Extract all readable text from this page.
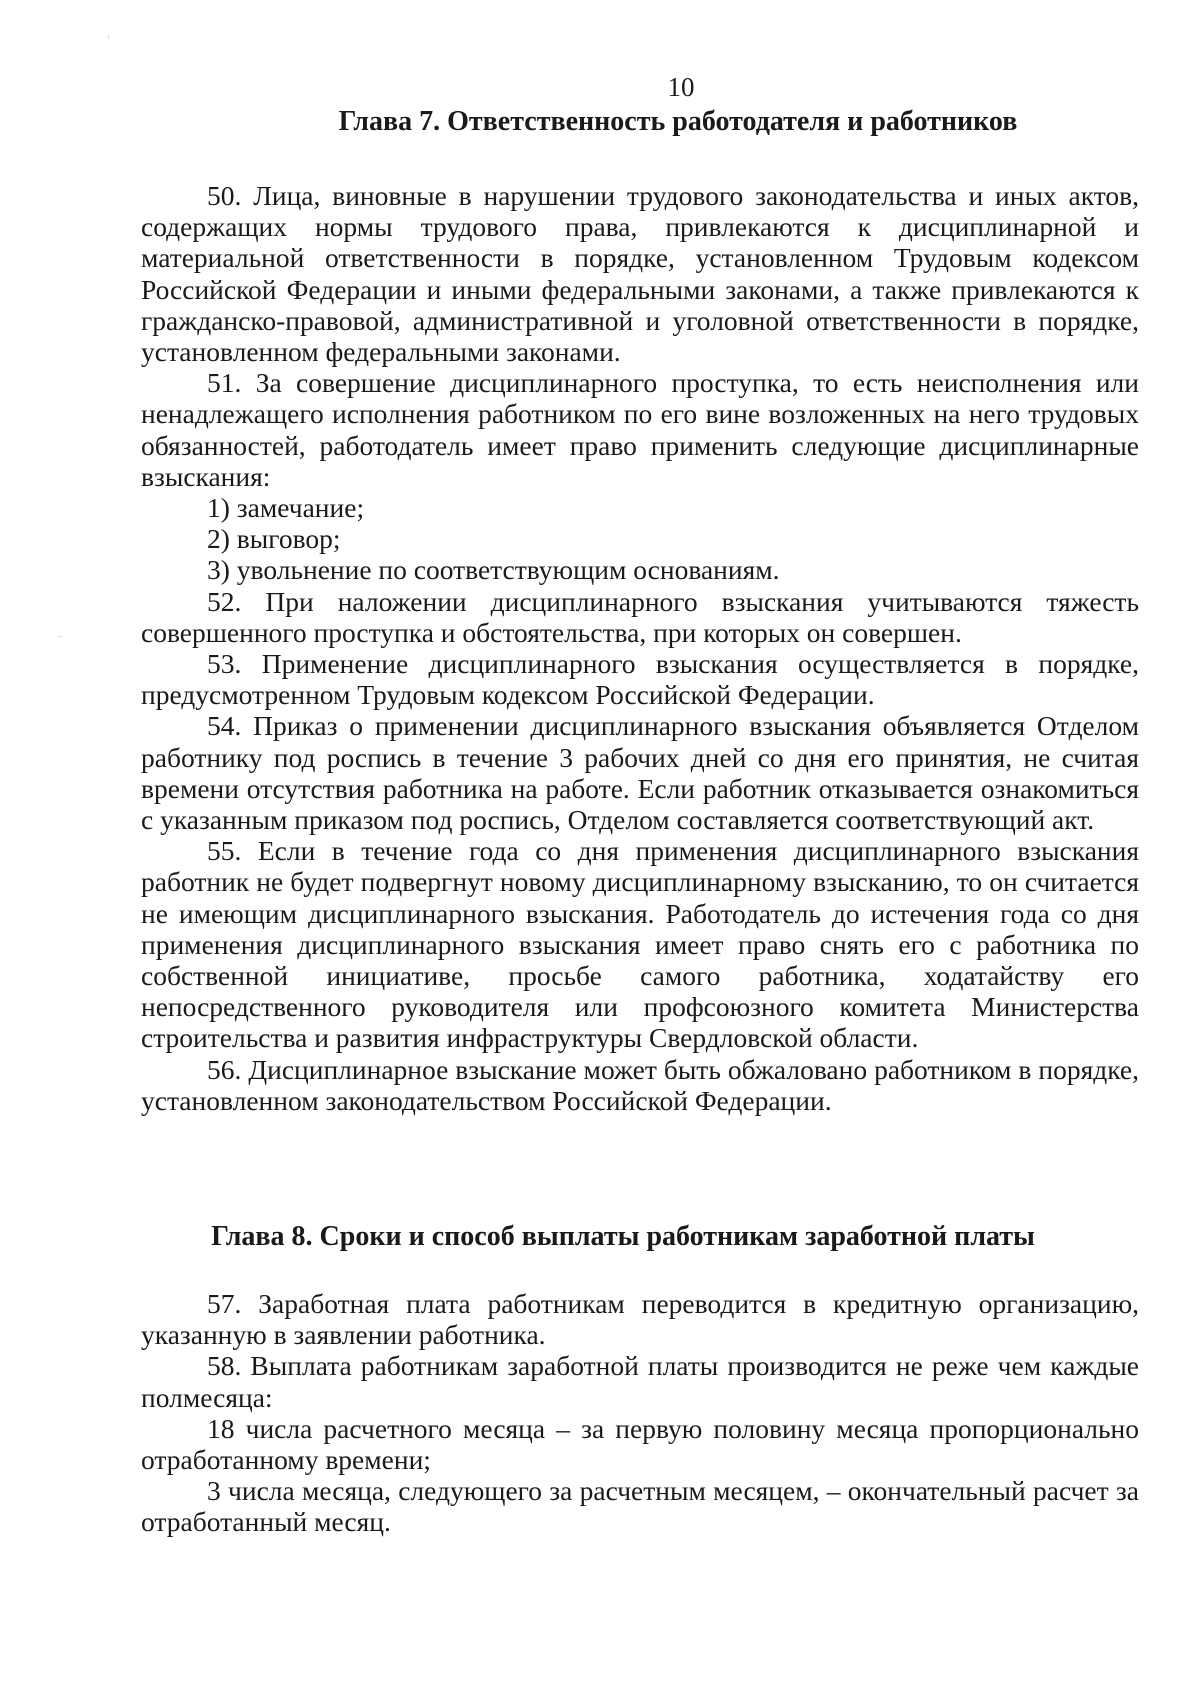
10
Глава 7. Ответственность работодателя и работников

50. Лица, виновные в нарушении трудового законодательства и иных актов, содержащих нормы трудового права, привлекаются к дисциплинарной и материальной ответственности в порядке, установленном Трудовым кодексом Российской Федерации и иными федеральными законами, а также привлекаются к гражданско-правовой, административной и уголовной ответственности в порядке, установленном федеральными законами.

51. За совершение дисциплинарного проступка, то есть неисполнения или ненадлежащего исполнения работником по его вине возложенных на него трудовых обязанностей, работодатель имеет право применить следующие дисциплинарные взыскания:

1) замечание;

2) выговор;

3) увольнение по соответствующим основаниям.

52. При наложении дисциплинарного взыскания учитываются тяжесть совершенного проступка и обстоятельства, при которых он совершен.

53. Применение дисциплинарного взыскания осуществляется в порядке, предусмотренном Трудовым кодексом Российской Федерации.

54. Приказ о применении дисциплинарного взыскания объявляется Отделом работнику под роспись в течение 3 рабочих дней со дня его принятия, не считая времени отсутствия работника на работе. Если работник отказывается ознакомиться с указанным приказом под роспись, Отделом составляется соответствующий акт.

55. Если в течение года со дня применения дисциплинарного взыскания работник не будет подвергнут новому дисциплинарному взысканию, то он считается не имеющим дисциплинарного взыскания. Работодатель до истечения года со дня применения дисциплинарного взыскания имеет право снять его с работника по собственной инициативе, просьбе самого работника, ходатайству его непосредственного руководителя или профсоюзного комитета Министерства строительства и развития инфраструктуры Свердловской области.

56. Дисциплинарное взыскание может быть обжаловано работником в порядке, установленном законодательством Российской Федерации.

Глава 8. Сроки и способ выплаты работникам заработной платы

57. Заработная плата работникам переводится в кредитную организацию, указанную в заявлении работника.

58. Выплата работникам заработной платы производится не реже чем каждые полмесяца:

18 числа расчетного месяца – за первую половину месяца пропорционально отработанному времени;

3 числа месяца, следующего за расчетным месяцем, – окончательный расчет за отработанный месяц.
